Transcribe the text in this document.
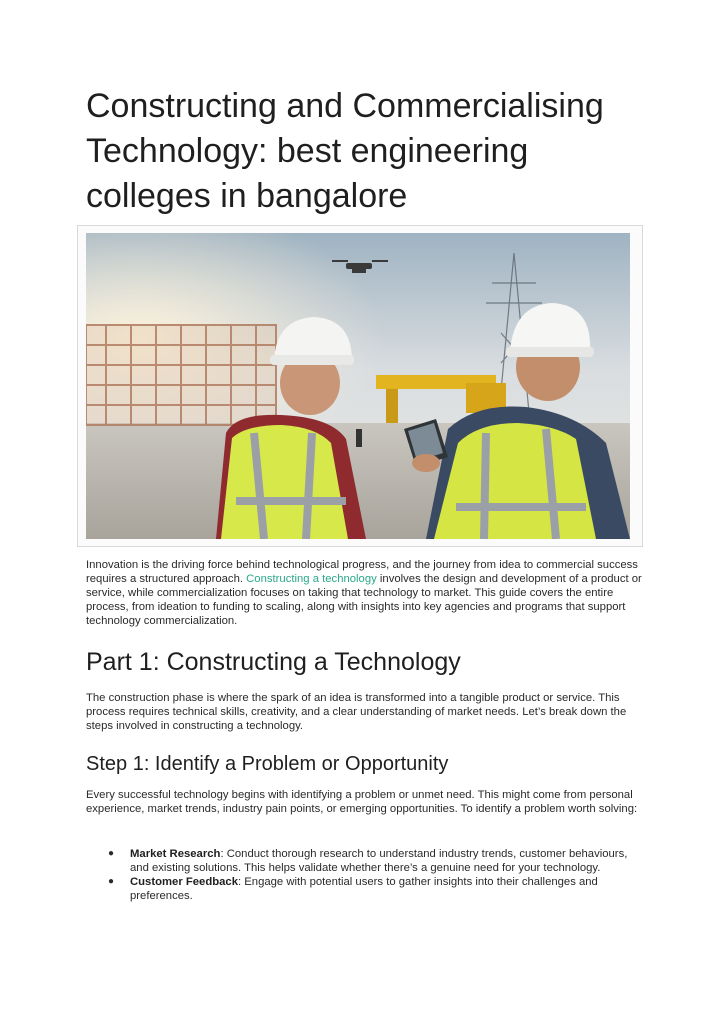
Constructing and Commercialising Technology: best engineering colleges in bangalore

Innovation is the driving force behind technological progress, and the journey from idea to commercial success requires a structured approach. Constructing a technology involves the design and development of a product or service, while commercialization focuses on taking that technology to market. This guide covers the entire process, from ideation to funding to scaling, along with insights into key agencies and programs that support technology commercialization.

Part 1: Constructing a Technology

The construction phase is where the spark of an idea is transformed into a tangible product or service. This process requires technical skills, creativity, and a clear understanding of market needs. Let’s break down the steps involved in constructing a technology.

Step 1: Identify a Problem or Opportunity

Every successful technology begins with identifying a problem or unmet need. This might come from personal experience, market trends, industry pain points, or emerging opportunities. To identify a problem worth solving:

● Market Research: Conduct thorough research to understand industry trends, customer behaviours, and existing solutions. This helps validate whether there’s a genuine need for your technology.
● Customer Feedback: Engage with potential users to gather insights into their challenges and preferences.
